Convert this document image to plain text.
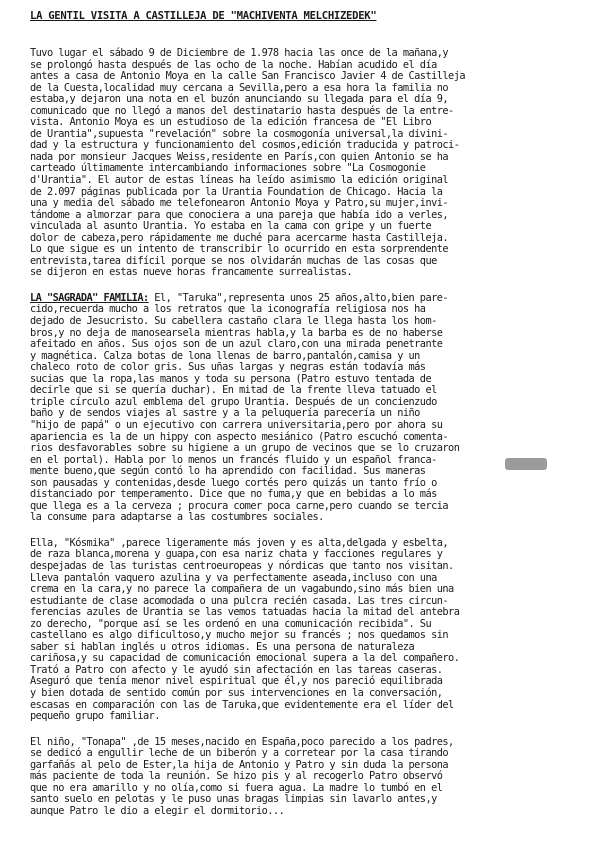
LA GENTIL VISITA A CASTILLEJA DE "MACHIVENTA MELCHIZEDEK"
Tuvo lugar el sábado 9 de Diciembre de 1.978 hacia las once de la mañana,y
se prolongó hasta después de las ocho de la noche. Habían acudido el día
antes a casa de Antonio Moya en la calle San Francisco Javier 4 de Castilleja
de la Cuesta,localidad muy cercana a Sevilla,pero a esa hora la familia no
estaba,y dejaron una nota en el buzón anunciando su llegada para el día 9,
comunicado que no llegó a manos del destinatario hasta después de la entre-
vista. Antonio Moya es un estudioso de la edición francesa de "El Libro
de Urantia",supuesta "revelación" sobre la cosmogonía universal,la divini-
dad y la estructura y funcionamiento del cosmos,edición traducida y patroci-
nada por monsieur Jacques Weiss,residente en París,con quien Antonio se ha
carteado últimamente intercambiando informaciones sobre "La Cosmogonie
d'Urantia". El autor de estas líneas ha leído asimismo la edición original
de 2.097 páginas publicada por la Urantia Foundation de Chicago. Hacia la
una y media del sábado me telefonearon Antonio Moya y Patro,su mujer,invi-
tándome a almorzar para que conociera a una pareja que había ido a verles,
vinculada al asunto Urantia. Yo estaba en la cama con gripe y un fuerte
dolor de cabeza,pero rápidamente me duché para acercarme hasta Castilleja.
Lo que sigue es un intento de transcribir lo ocurrido en esta sorprendente
entrevista,tarea difícil porque se nos olvidarán muchas de las cosas que
se dijeron en estas nueve horas francamente surrealistas.
LA "SAGRADA" FAMILIA: El, "Taruka",representa unos 25 años,alto,bien pare-
cido,recuerda mucho a los retratos que la iconografía religiosa nos ha
dejado de Jesucristo. Su cabellera castaño clara le llega hasta los hom-
bros,y no deja de manosearsela mientras habla,y la barba es de no haberse
afeitado en años. Sus ojos son de un azul claro,con una mirada penetrante
y magnética. Calza botas de lona llenas de barro,pantalón,camisa y un
chaleco roto de color gris. Sus uñas largas y negras están todavía más
sucias que la ropa,las manos y toda su persona (Patro estuvo tentada de
decirle que si se quería duchar). En mitad de la frente lleva tatuado el
triple círculo azul emblema del grupo Urantia. Después de un concienzudo
baño y de sendos viajes al sastre y a la peluquería parecería un niño
"hijo de papá" o un ejecutivo con carrera universitaria,pero por ahora su
apariencia es la de un hippy con aspecto mesiánico (Patro escuchó comenta-
rios desfavorables sobre su higiene a un grupo de vecinos que se lo cruzaron
en el portal). Habla por lo menos un francés fluido y un español franca-
mente bueno,que según contó lo ha aprendido con facilidad. Sus maneras
son pausadas y contenidas,desde luego cortés pero quizás un tanto frío o
distanciado por temperamento. Dice que no fuma,y que en bebidas a lo más
que llega es a la cerveza ; procura comer poca carne,pero cuando se tercia
la consume para adaptarse a las costumbres sociales.
Ella, "Kósmika" ,parece ligeramente más joven y es alta,delgada y esbelta,
de raza blanca,morena y guapa,con esa nariz chata y facciones regulares y
despejadas de las turistas centroeuropeas y nórdicas que tanto nos visitan.
Lleva pantalón vaquero azulina y va perfectamente aseada,incluso con una
crema en la cara,y no parece la compañera de un vagabundo,sino más bien una
estudiante de clase acomodada o una pulcra recién casada. Las tres circun-
ferencias azules de Urantia se las vemos tatuadas hacia la mitad del antebra
zo derecho, "porque así se les ordenó en una comunicación recibida". Su
castellano es algo dificultoso,y mucho mejor su francés ; nos quedamos sin
saber si hablan inglés u otros idiomas. Es una persona de naturaleza
cariñosa,y su capacidad de comunicación emocional supera a la del compañero.
Trató a Patro con afecto y le ayudó sin afectación en las tareas caseras.
Aseguró que tenía menor nivel espiritual que él,y nos pareció equilibrada
y bien dotada de sentido común por sus intervenciones en la conversación,
escasas en comparación con las de Taruka,que evidentemente era el líder del
pequeño grupo familiar.
El niño, "Tonapa" ,de 15 meses,nacido en España,poco parecido a los padres,
se dedicó a engullir leche de un biberón y a corretear por la casa tirando
garfañás al pelo de Ester,la hija de Antonio y Patro y sin duda la persona
más paciente de toda la reunión. Se hizo pis y al recogerlo Patro observó
que no era amarillo y no olía,como si fuera agua. La madre lo tumbó en el
santo suelo en pelotas y le puso unas bragas limpias sin lavarlo antes,y
aunque Patro le dio a elegir el dormitorio...
